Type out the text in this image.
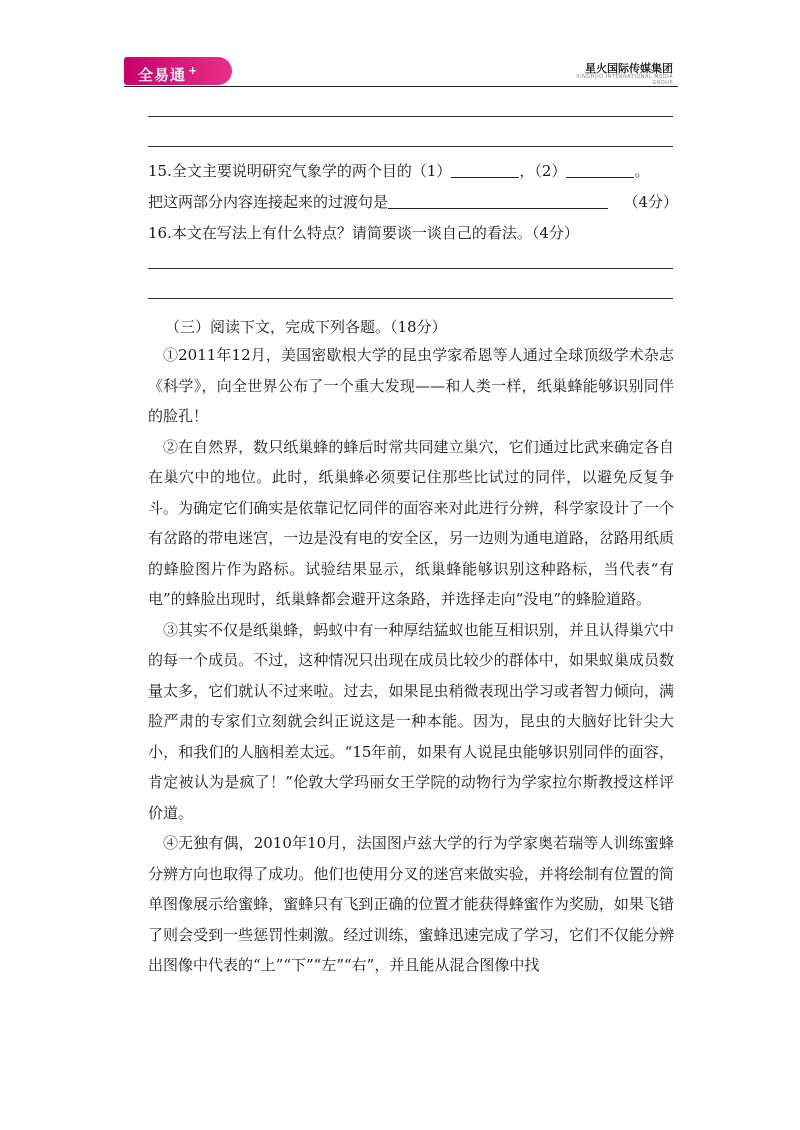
全易通 +	星火国际传媒集团
XINGHUO INTERNATIONAL MEDIA GROUP
15.全文主要说明研究气象学的两个目的（1）	，（2）	。
把这两部分内容连接起来的过渡句是	（4分）
16.本文在写法上有什么特点？请简要谈一谈自己的看法。（4分）
（三）阅读下文，完成下列各题。（18分）

①2011年12月，美国密歇根大学的昆虫学家希恩等人通过全球顶级学术杂志《科学》，向全世界公布了一个重大发现——和人类一样，纸巢蜂能够识别同伴的脸孔！

②在自然界，数只纸巢蜂的蜂后时常共同建立巢穴，它们通过比武来确定各自在巢穴中的地位。此时，纸巢蜂必须要记住那些比试过的同伴，以避免反复争斗。为确定它们确实是依靠记忆同伴的面容来对此进行分辨，科学家设计了一个有岔路的带电迷宫，一边是没有电的安全区，另一边则为通电道路，岔路用纸质的蜂脸图片作为路标。试验结果显示，纸巢蜂能够识别这种路标，当代表“有电”的蜂脸出现时，纸巢蜂都会避开这条路，并选择走向“没电”的蜂脸道路。

③其实不仅是纸巢蜂，蚂蚁中有一种厚结猛蚁也能互相识别，并且认得巢穴中的每一个成员。不过，这种情况只出现在成员比较少的群体中，如果蚁巢成员数量太多，它们就认不过来啦。过去，如果昆虫稍微表现出学习或者智力倾向，满脸严肃的专家们立刻就会纠正说这是一种本能。因为，昆虫的大脑好比针尖大小，和我们的人脑相差太远。“15年前，如果有人说昆虫能够识别同伴的面容，肯定被认为是疯了！”伦敦大学玛丽女王学院的动物行为学家拉尔斯教授这样评价道。

④无独有偶，2010年10月，法国图卢兹大学的行为学家奥若瑞等人训练蜜蜂分辨方向也取得了成功。他们也使用分叉的迷宫来做实验，并将绘制有位置的简单图像展示给蜜蜂，蜜蜂只有飞到正确的位置才能获得蜂蜜作为奖励，如果飞错了则会受到一些惩罚性刺激。经过训练，蜜蜂迅速完成了学习，它们不仅能分辨出图像中代表的“上”“下”“左”“右”，并且能从混合图像中找
